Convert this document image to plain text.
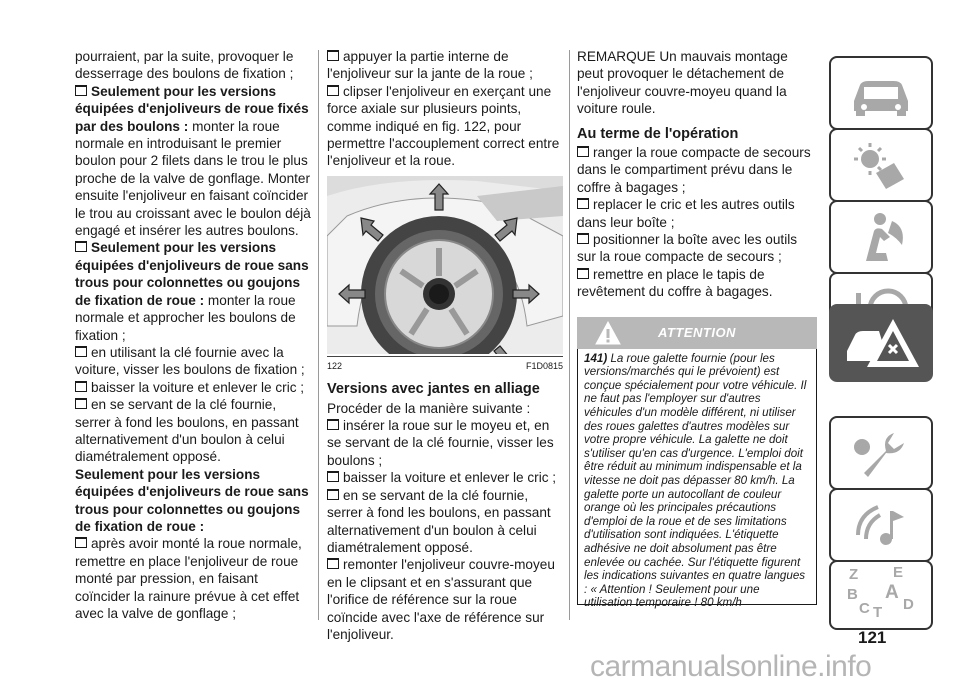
pourraient, par la suite, provoquer le desserrage des boulons de fixation ;

Seulement pour les versions équipées d'enjoliveurs de roue fixés par des boulons : monter la roue normale en introduisant le premier boulon pour 2 filets dans le trou le plus proche de la valve de gonflage. Monter ensuite l'enjoliveur en faisant coïncider le trou au croissant avec le boulon déjà engagé et insérer les autres boulons.

Seulement pour les versions équipées d'enjoliveurs de roue sans trous pour colonnettes ou goujons de fixation de roue : monter la roue normale et approcher les boulons de fixation ;

en utilisant la clé fournie avec la voiture, visser les boulons de fixation ;

baisser la voiture et enlever le cric ;

en se servant de la clé fournie, serrer à fond les boulons, en passant alternativement d'un boulon à celui diamétralement opposé.

Seulement pour les versions équipées d'enjoliveurs de roue sans trous pour colonnettes ou goujons de fixation de roue :

après avoir monté la roue normale, remettre en place l'enjoliveur de roue monté par pression, en faisant coïncider la rainure prévue à cet effet avec la valve de gonflage ;

appuyer la partie interne de l'enjoliveur sur la jante de la roue ;

clipser l'enjoliveur en exerçant une force axiale sur plusieurs points, comme indiqué en fig. 122, pour permettre l'accouplement correct entre l'enjoliveur et la roue.

122	F1D0815

Versions avec jantes en alliage

Procéder de la manière suivante :

insérer la roue sur le moyeu et, en se servant de la clé fournie, visser les boulons ;

baisser la voiture et enlever le cric ;

en se servant de la clé fournie, serrer à fond les boulons, en passant alternativement d'un boulon à celui diamétralement opposé.

remonter l'enjoliveur couvre-moyeu en le clipsant et en s'assurant que l'orifice de référence sur la roue coïncide avec l'axe de référence sur l'enjoliveur.

REMARQUE Un mauvais montage peut provoquer le détachement de l'enjoliveur couvre-moyeu quand la voiture roule.

Au terme de l'opération

ranger la roue compacte de secours dans le compartiment prévu dans le coffre à bagages ;

replacer le cric et les autres outils dans leur boîte ;

positionner la boîte avec les outils sur la roue compacte de secours ;

remettre en place le tapis de revêtement du coffre à bagages.

ATTENTION
141) La roue galette fournie (pour les versions/marchés qui le prévoient) est conçue spécialement pour votre véhicule. Il ne faut pas l'employer sur d'autres véhicules d'un modèle différent, ni utiliser des roues galettes d'autres modèles sur votre propre véhicule. La galette ne doit s'utiliser qu'en cas d'urgence. L'emploi doit être réduit au minimum indispensable et la vitesse ne doit pas dépasser 80 km/h. La galette porte un autocollant de couleur orange où les principales précautions d'emploi de la roue et de ses limitations d'utilisation sont indiquées. L'étiquette adhésive ne doit absolument pas être enlevée ou cachée. Sur l'étiquette figurent les indications suivantes en quatre langues : « Attention ! Seulement pour une utilisation temporaire ! 80 km/h
Z E
B A
C T D
121
carmanualsonline.info
